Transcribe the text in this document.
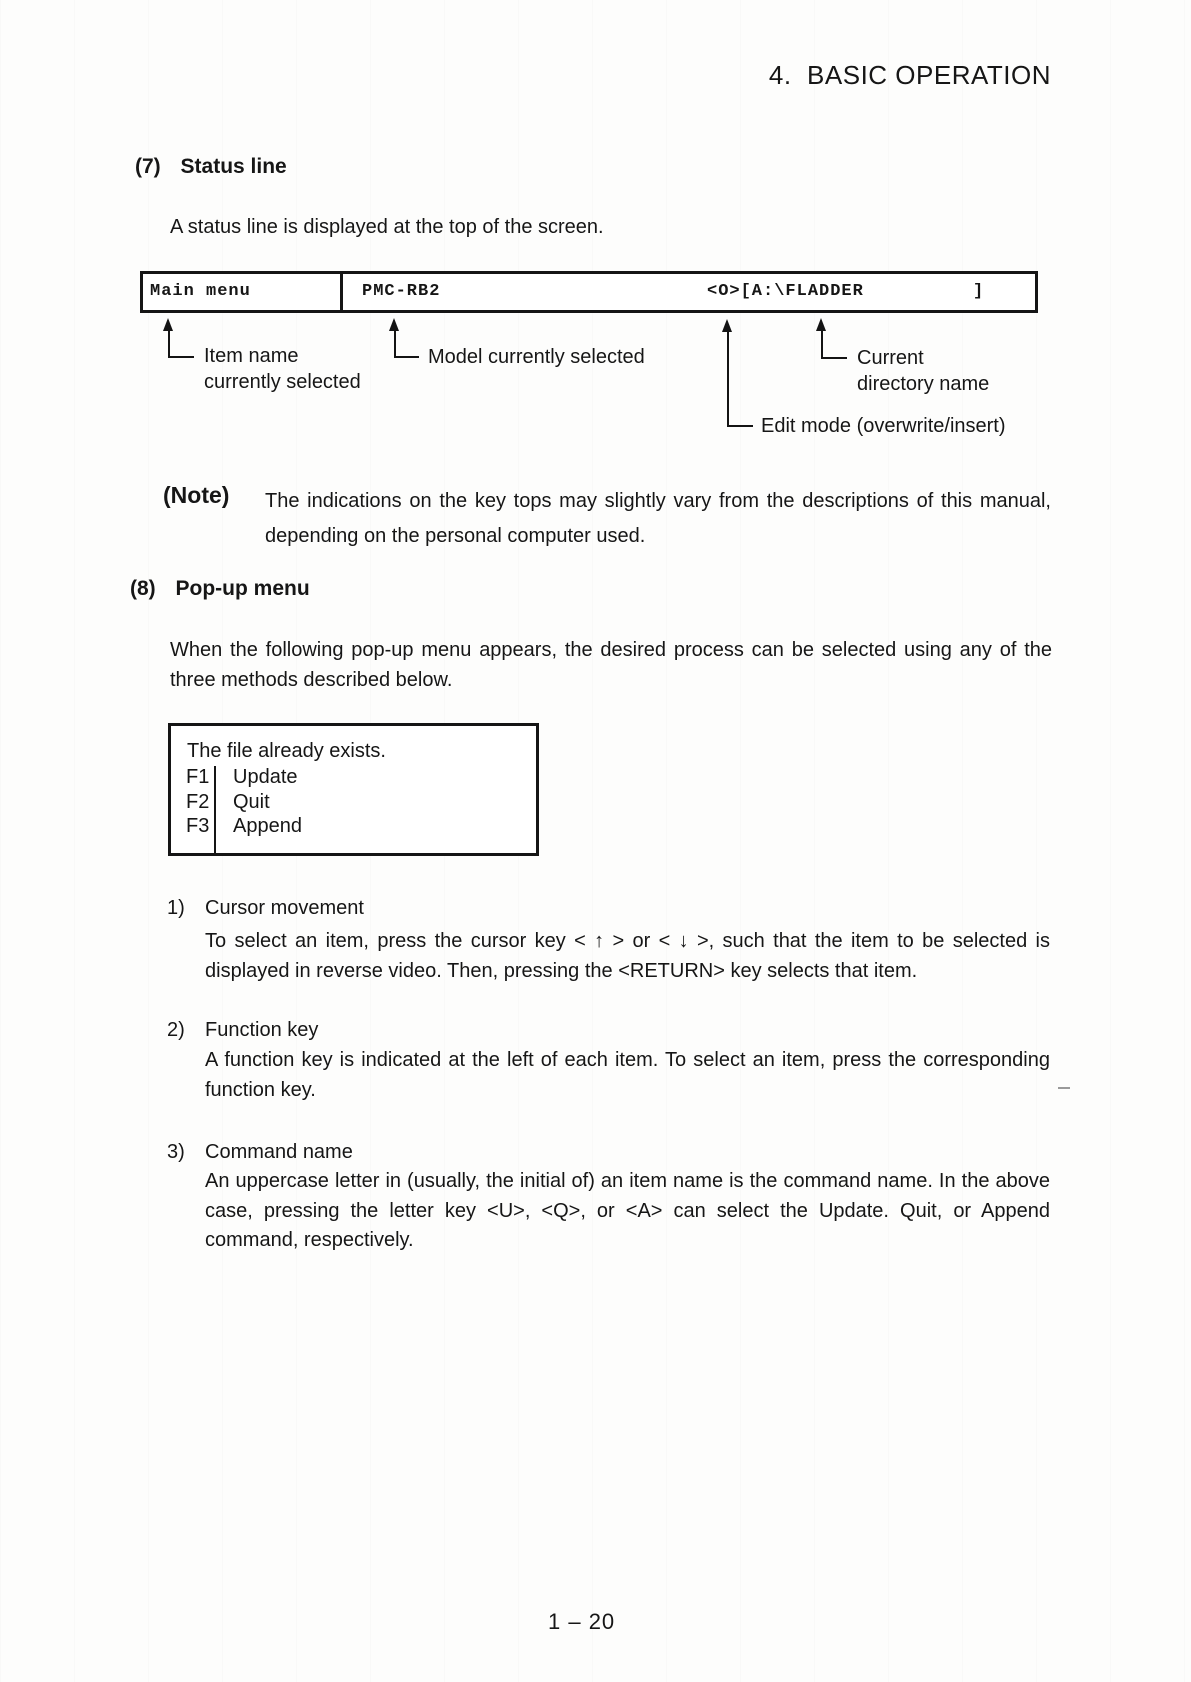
4.  BASIC OPERATION
(7) Status line
A status line is displayed at the top of the screen.
Main menu	PMC-RB2	<O>[A:\FLADDER	]
Item name
currently selected
Model currently selected
Edit mode (overwrite/insert)
Current
directory name
(Note) The indications on the key tops may slightly vary from the descriptions of this manual, depending on the personal computer used.
(8) Pop-up menu
When the following pop-up menu appears, the desired process can be selected using any of the three methods described below.
The file already exists.
F1 Update
F2 Quit
F3 Append
1) Cursor movement
To select an item, press the cursor key < ↑ > or < ↓ >, such that the item to be selected is displayed in reverse video. Then, pressing the <RETURN> key selects that item.
2) Function key
A function key is indicated at the left of each item. To select an item, press the corresponding function key.
3) Command name
An uppercase letter in (usually, the initial of) an item name is the command name. In the above case, pressing the letter key <U>, <Q>, or <A> can select the Update. Quit, or Append command, respectively.
1 – 20
